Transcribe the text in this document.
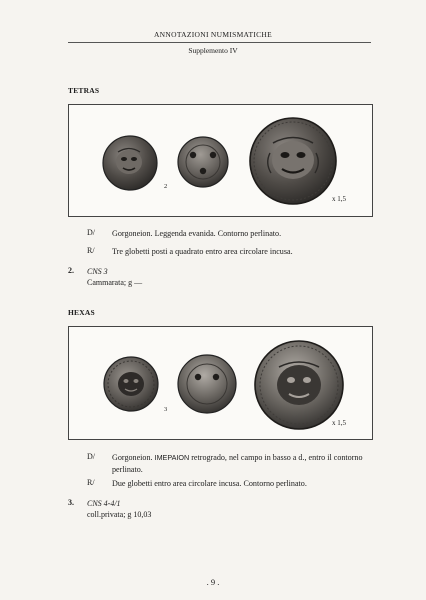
ANNOTAZIONI NUMISMATICHE
Supplemento IV
TETRAS
2
x 1,5
D/ Gorgoneion. Leggenda evanida. Contorno perlinato.
R/ Tre globetti posti a quadrato entro area circolare incusa.
2. CNS 3
Cammarata; g —
HEXAS
3
x 1,5
D/ Gorgoneion. IMEPAION retrogrado, nel campo in basso a d., entro il contorno perlinato.
R/ Due globetti entro area circolare incusa. Contorno perlinato.
3. CNS 4-4/1
coll.privata; g 10,03
. 9 .
